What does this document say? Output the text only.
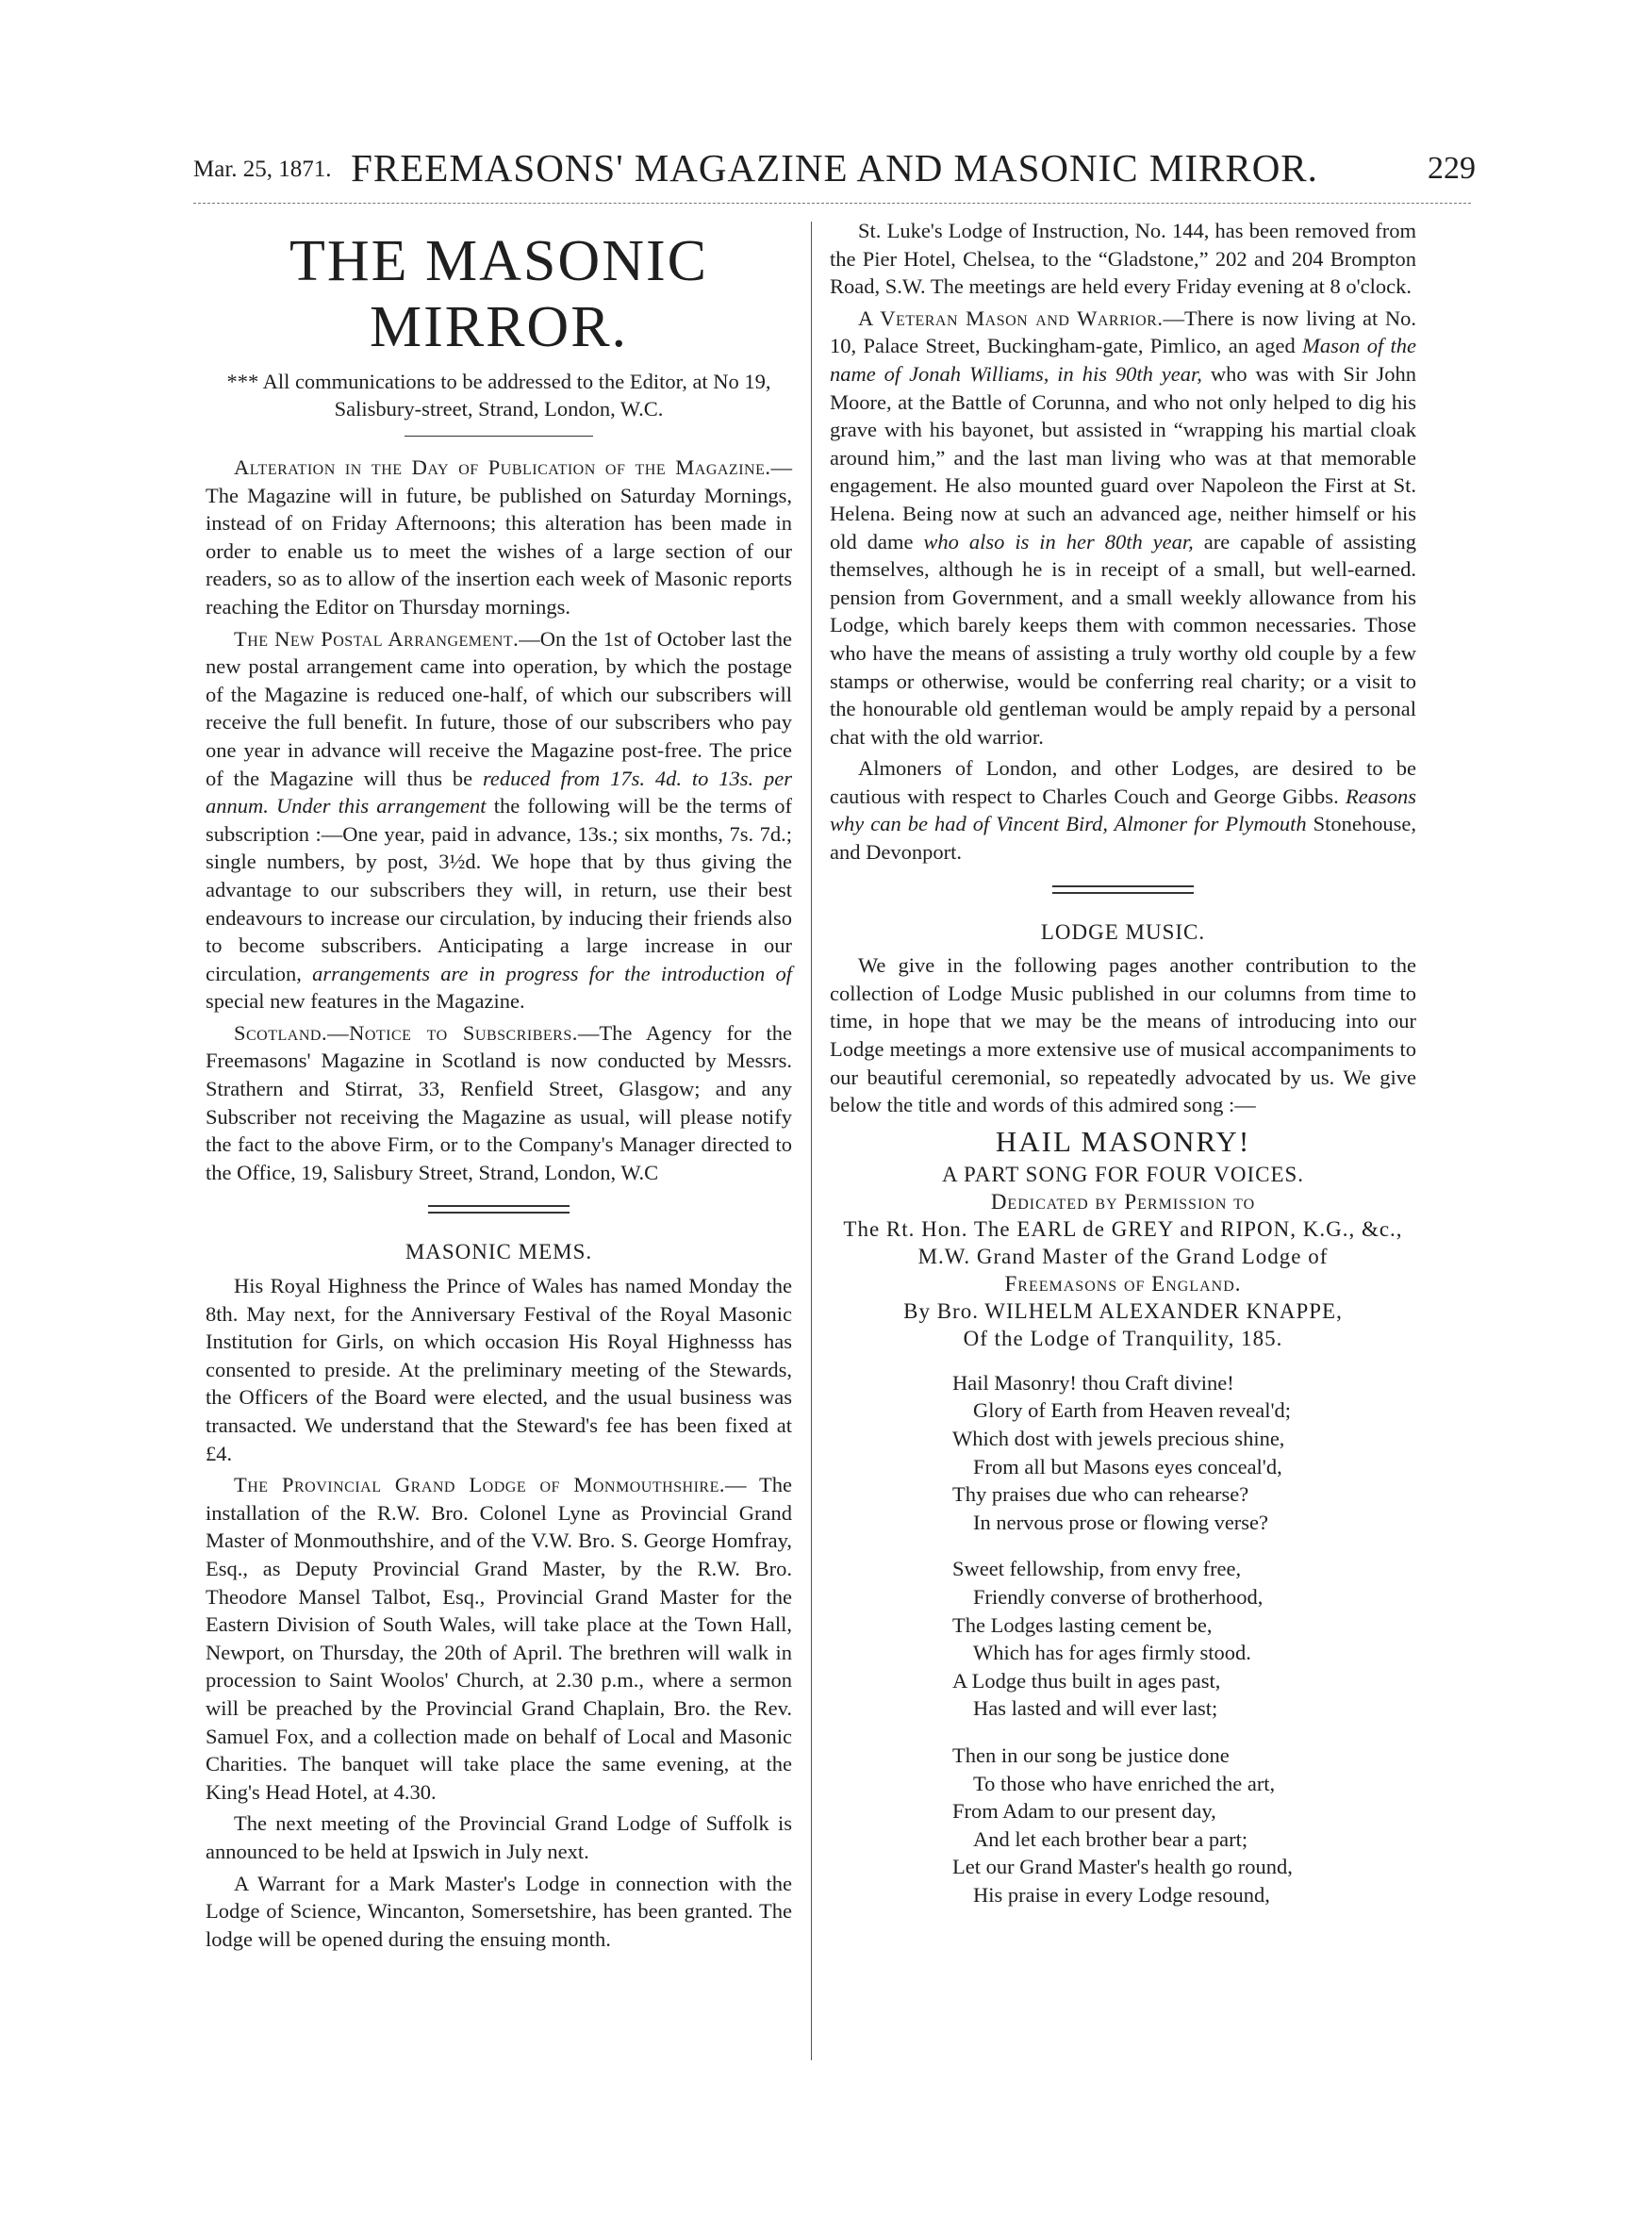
Mar. 25, 1871. FREEMASONS' MAGAZINE AND MASONIC MIRROR.	229
THE MASONIC MIRROR.
*** All communications to be addressed to the Editor, at No 19, Salisbury-street, Strand, London, W.C.

Alteration in the Day of Publication of the Magazine.—The Magazine will in future, be published on Saturday Mornings, instead of on Friday Afternoons; this alteration has been made in order to enable us to meet the wishes of a large section of our readers, so as to allow of the insertion each week of Masonic reports reaching the Editor on Thursday mornings.

The New Postal Arrangement.—On the 1st of October last the new postal arrangement came into operation, by which the postage of the Magazine is reduced one-half, of which our subscribers will receive the full benefit. In future, those of our subscribers who pay one year in advance will receive the Magazine post-free. The price of the Magazine will thus be reduced from 17s. 4d. to 13s. per annum. Under this arrangement the following will be the terms of subscription :—One year, paid in advance, 13s.; six months, 7s. 7d.; single numbers, by post, 3½d. We hope that by thus giving the advantage to our subscribers they will, in return, use their best endeavours to increase our circulation, by inducing their friends also to become subscribers. Anticipating a large increase in our circulation, arrangements are in progress for the introduction of special new features in the Magazine.

Scotland.—Notice to Subscribers.—The Agency for the Freemasons' Magazine in Scotland is now conducted by Messrs. Strathern and Stirrat, 33, Renfield Street, Glasgow; and any Subscriber not receiving the Magazine as usual, will please notify the fact to the above Firm, or to the Company's Manager directed to the Office, 19, Salisbury Street, Strand, London, W.C

MASONIC MEMS.

His Royal Highness the Prince of Wales has named Monday the 8th. May next, for the Anniversary Festival of the Royal Masonic Institution for Girls, on which occasion His Royal Highnesss has consented to preside. At the preliminary meeting of the Stewards, the Officers of the Board were elected, and the usual business was transacted. We understand that the Steward's fee has been fixed at £4.

The Provincial Grand Lodge of Monmouthshire.— The installation of the R.W. Bro. Colonel Lyne as Provincial Grand Master of Monmouthshire, and of the V.W. Bro. S. George Homfray, Esq., as Deputy Provincial Grand Master, by the R.W. Bro. Theodore Mansel Talbot, Esq., Provincial Grand Master for the Eastern Division of South Wales, will take place at the Town Hall, Newport, on Thursday, the 20th of April. The brethren will walk in procession to Saint Woolos' Church, at 2.30 p.m., where a sermon will be preached by the Provincial Grand Chaplain, Bro. the Rev. Samuel Fox, and a collection made on behalf of Local and Masonic Charities. The banquet will take place the same evening, at the King's Head Hotel, at 4.30.

The next meeting of the Provincial Grand Lodge of Suffolk is announced to be held at Ipswich in July next.

A Warrant for a Mark Master's Lodge in connection with the Lodge of Science, Wincanton, Somersetshire, has been granted. The lodge will be opened during the ensuing month.

St. Luke's Lodge of Instruction, No. 144, has been removed from the Pier Hotel, Chelsea, to the “Gladstone,” 202 and 204 Brompton Road, S.W. The meetings are held every Friday evening at 8 o'clock.

A Veteran Mason and Warrior.—There is now living at No. 10, Palace Street, Buckingham-gate, Pimlico, an aged Mason of the name of Jonah Williams, in his 90th year, who was with Sir John Moore, at the Battle of Corunna, and who not only helped to dig his grave with his bayonet, but assisted in “wrapping his martial cloak around him,” and the last man living who was at that memorable engagement. He also mounted guard over Napoleon the First at St. Helena. Being now at such an advanced age, neither himself or his old dame who also is in her 80th year, are capable of assisting themselves, although he is in receipt of a small, but well-earned. pension from Government, and a small weekly allowance from his Lodge, which barely keeps them with common necessaries. Those who have the means of assisting a truly worthy old couple by a few stamps or otherwise, would be conferring real charity; or a visit to the honourable old gentleman would be amply repaid by a personal chat with the old warrior.

Almoners of London, and other Lodges, are desired to be cautious with respect to Charles Couch and George Gibbs. Reasons why can be had of Vincent Bird, Almoner for Plymouth Stonehouse, and Devonport.

LODGE MUSIC.

We give in the following pages another contribution to the collection of Lodge Music published in our columns from time to time, in hope that we may be the means of introducing into our Lodge meetings a more extensive use of musical accompaniments to our beautiful ceremonial, so repeatedly advocated by us. We give below the title and words of this admired song :—

HAIL MASONRY!
A PART SONG FOR FOUR VOICES.
Dedicated by Permission to
The Rt. Hon. The EARL de GREY and RIPON, K.G., &c.,
M.W. Grand Master of the Grand Lodge of
Freemasons of England.
By Bro. WILHELM ALEXANDER KNAPPE,
Of the Lodge of Tranquility, 185.
Hail Masonry! thou Craft divine!
Glory of Earth from Heaven reveal'd;
Which dost with jewels precious shine,
From all but Masons eyes conceal'd,
Thy praises due who can rehearse?
In nervous prose or flowing verse?
Sweet fellowship, from envy free,
Friendly converse of brotherhood,
The Lodges lasting cement be,
Which has for ages firmly stood.
A Lodge thus built in ages past,
Has lasted and will ever last;
Then in our song be justice done
To those who have enriched the art,
From Adam to our present day,
And let each brother bear a part;
Let our Grand Master's health go round,
His praise in every Lodge resound,
